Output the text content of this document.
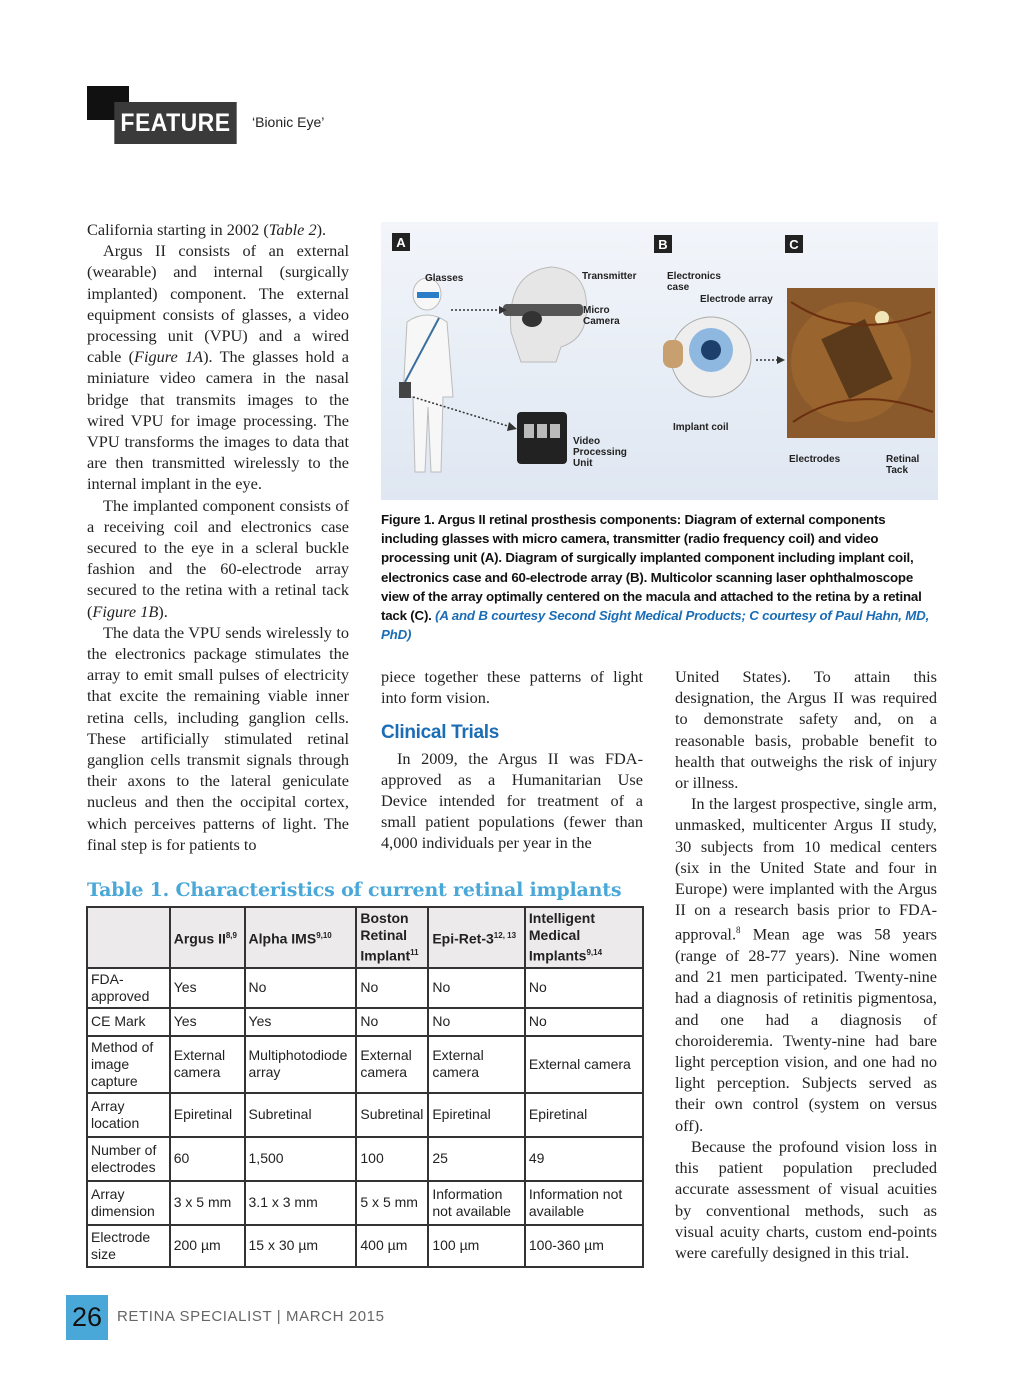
FEATURE	‘Bionic Eye’

California starting in 2002 (Table 2).

Argus II consists of an external (wearable) and internal (surgically implanted) component. The external equipment consists of glasses, a video processing unit (VPU) and a wired cable (Figure 1A). The glasses hold a miniature video camera in the nasal bridge that transmits images to the wired VPU for image processing. The VPU transforms the images to data that are then transmitted wirelessly to the internal implant in the eye.

The implanted component consists of a receiving coil and electronics case secured to the eye in a scleral buckle fashion and the 60-electrode array secured to the retina with a retinal tack (Figure 1B).

The data the VPU sends wirelessly to the electronics package stimulates the array to emit small pulses of electricity that excite the remaining viable inner retina cells, including ganglion cells. These artificially stimulated retinal ganglion cells transmit signals through their axons to the lateral geniculate nucleus and then the occipital cortex, which perceives patterns of light. The final step is for patients to

A	B	C
Glasses	Transmitter
Micro Camera
Video Processing Unit
Electronics case
Electrode array
Implant coil
Electrodes	Retinal Tack
Figure 1. Argus II retinal prosthesis components: Diagram of external components including glasses with micro camera, transmitter (radio frequency coil) and video processing unit (A). Diagram of surgically implanted component including implant coil, electronics case and 60-electrode array (B). Multicolor scanning laser ophthalmoscope view of the array optimally centered on the macula and attached to the retina by a retinal tack (C). (A and B courtesy Second Sight Medical Products; C courtesy of Paul Hahn, MD, PhD)

piece together these patterns of light into form vision.

Clinical Trials

In 2009, the Argus II was FDA-approved as a Humanitarian Use Device intended for treatment of a small patient populations (fewer than 4,000 individuals per year in the

United States). To attain this designation, the Argus II was required to demonstrate safety and, on a reasonable basis, probable benefit to health that outweighs the risk of injury or illness.

In the largest prospective, single arm, unmasked, multicenter Argus II study, 30 subjects from 10 medical centers (six in the United State and four in Europe) were implanted with the Argus II on a research basis prior to FDA-approval.$^8$ Mean age was 58 years (range of 28-77 years). Nine women and 21 men participated. Twenty-nine had a diagnosis of retinitis pigmentosa, and one had a diagnosis of choroideremia. Twenty-nine had bare light perception vision, and one had no light perception. Subjects served as their own control (system on versus off).

Because the profound vision loss in this patient population precluded accurate assessment of visual acuities by conventional methods, such as visual acuity charts, custom end-points were carefully designed in this trial.

Table 1. Characteristics of current retinal implants
	Argus II$^{8,9}$	Alpha IMS$^{9,10}$	Boston Retinal Implant$^{11}$	Epi-Ret-3$^{12, 13}$	Intelligent Medical Implants$^{9,14}$
FDA-approved	Yes	No	No	No	No
CE Mark	Yes	Yes	No	No	No
Method of image capture	External camera	Multiphotodiode array	External camera	External camera	External camera
Array location	Epiretinal	Subretinal	Subretinal	Epiretinal	Epiretinal
Number of electrodes	60	1,500	100	25	49
Array dimension	3 x 5 mm	3.1 x 3 mm	5 x 5 mm	Information not available	Information not available
Electrode size	200 µm	15 x 30 µm	400 µm	100 µm	100-360 µm
26 RETINA SPECIALIST | MARCH 2015
